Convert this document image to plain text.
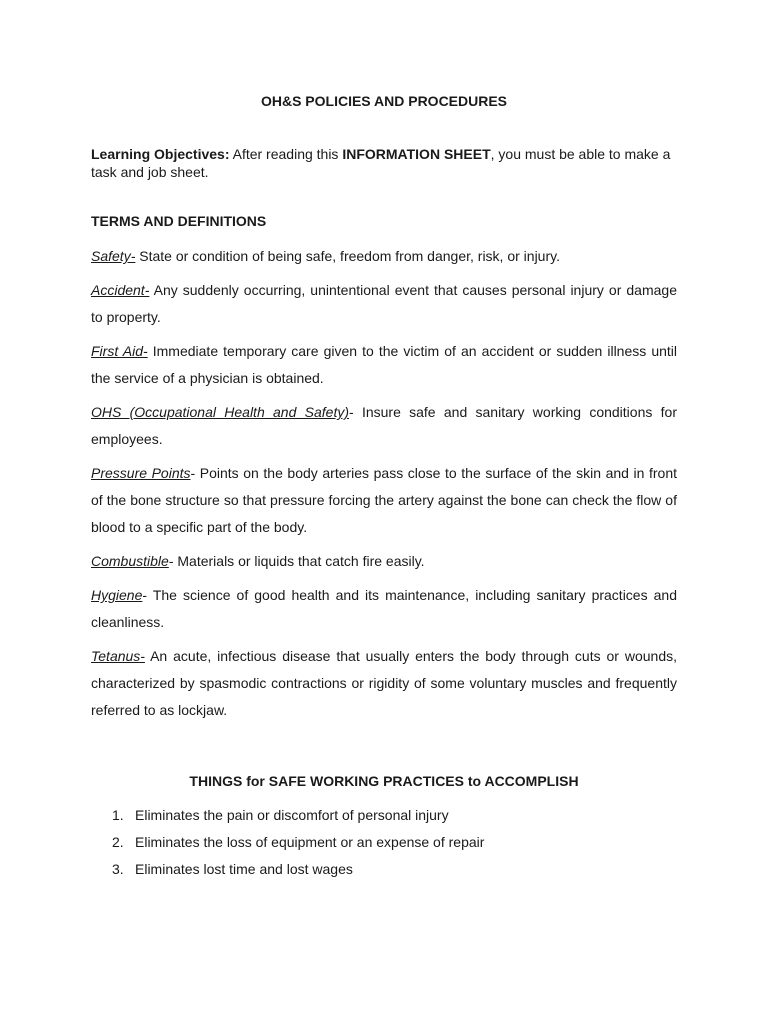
OH&S POLICIES AND PROCEDURES
Learning Objectives: After reading this INFORMATION SHEET, you must be able to make a task and job sheet.
TERMS AND DEFINITIONS

Safety- State or condition of being safe, freedom from danger, risk, or injury.

Accident- Any suddenly occurring, unintentional event that causes personal injury or damage to property.

First Aid- Immediate temporary care given to the victim of an accident or sudden illness until the service of a physician is obtained.

OHS (Occupational Health and Safety)- Insure safe and sanitary working conditions for employees.

Pressure Points- Points on the body arteries pass close to the surface of the skin and in front of the bone structure so that pressure forcing the artery against the bone can check the flow of blood to a specific part of the body.

Combustible- Materials or liquids that catch fire easily.

Hygiene- The science of good health and its maintenance, including sanitary practices and cleanliness.

Tetanus- An acute, infectious disease that usually enters the body through cuts or wounds, characterized by spasmodic contractions or rigidity of some voluntary muscles and frequently referred to as lockjaw.

THINGS for SAFE WORKING PRACTICES to ACCOMPLISH
1. Eliminates the pain or discomfort of personal injury
2. Eliminates the loss of equipment or an expense of repair
3. Eliminates lost time and lost wages
